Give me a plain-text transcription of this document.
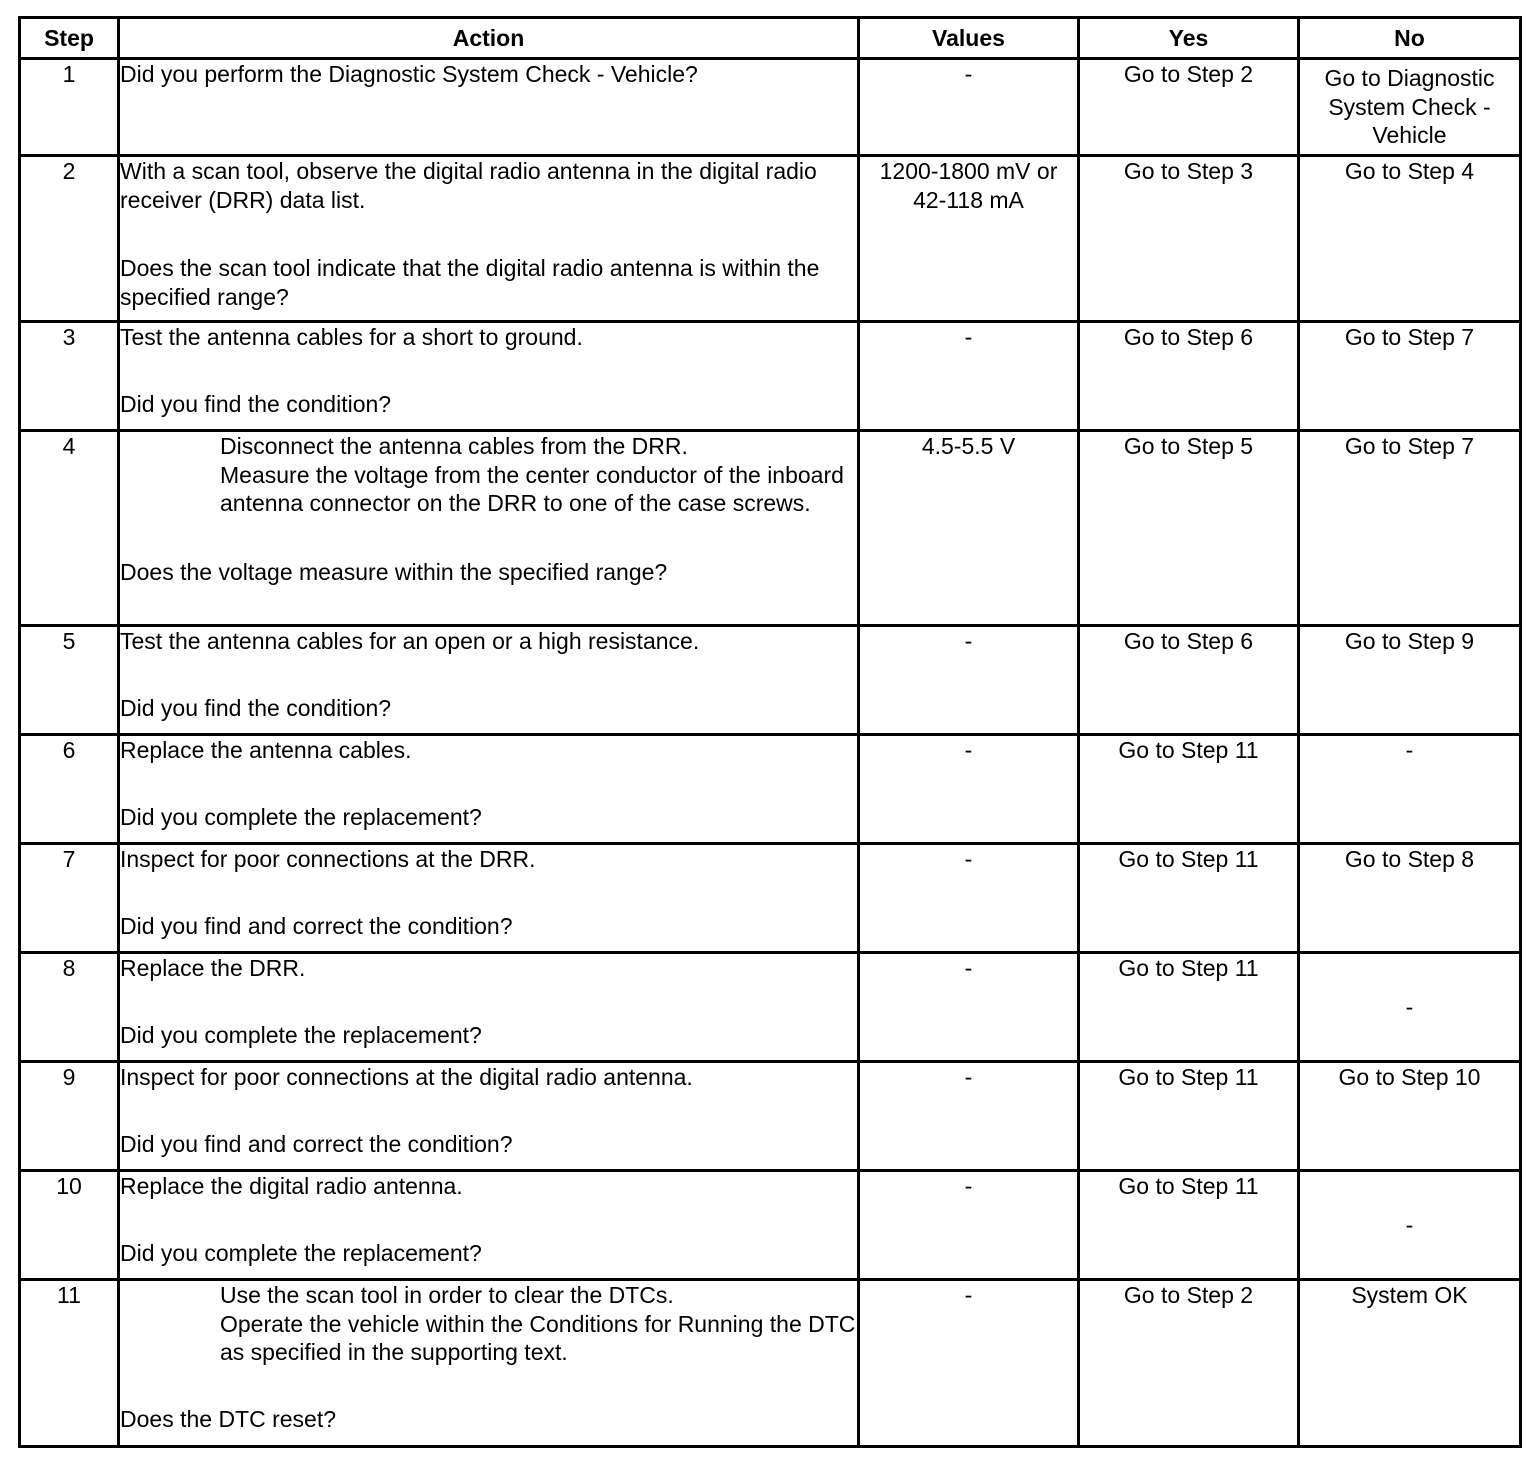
Step	Action	Values	Yes	No
1	Did you perform the Diagnostic System Check - Vehicle?	-	Go to Step 2	Go to Diagnostic System Check - Vehicle
2	With a scan tool, observe the digital radio antenna in the digital radio receiver (DRR) data list.
Does the scan tool indicate that the digital radio antenna is within the specified range?	1200-1800 mV or 42-118 mA	Go to Step 3	Go to Step 4
3	Test the antenna cables for a short to ground.
Did you find the condition?	-	Go to Step 6	Go to Step 7
4	Disconnect the antenna cables from the DRR.
Measure the voltage from the center conductor of the inboard antenna connector on the DRR to one of the case screws.
Does the voltage measure within the specified range?	4.5-5.5 V	Go to Step 5	Go to Step 7
5	Test the antenna cables for an open or a high resistance.
Did you find the condition?	-	Go to Step 6	Go to Step 9
6	Replace the antenna cables.
Did you complete the replacement?	-	Go to Step 11	-
7	Inspect for poor connections at the DRR.
Did you find and correct the condition?	-	Go to Step 11	Go to Step 8
8	Replace the DRR.
Did you complete the replacement?	-	Go to Step 11	-
9	Inspect for poor connections at the digital radio antenna.
Did you find and correct the condition?	-	Go to Step 11	Go to Step 10
10	Replace the digital radio antenna.
Did you complete the replacement?	-	Go to Step 11	-
11	Use the scan tool in order to clear the DTCs.
Operate the vehicle within the Conditions for Running the DTC as specified in the supporting text.
Does the DTC reset?	-	Go to Step 2	System OK
